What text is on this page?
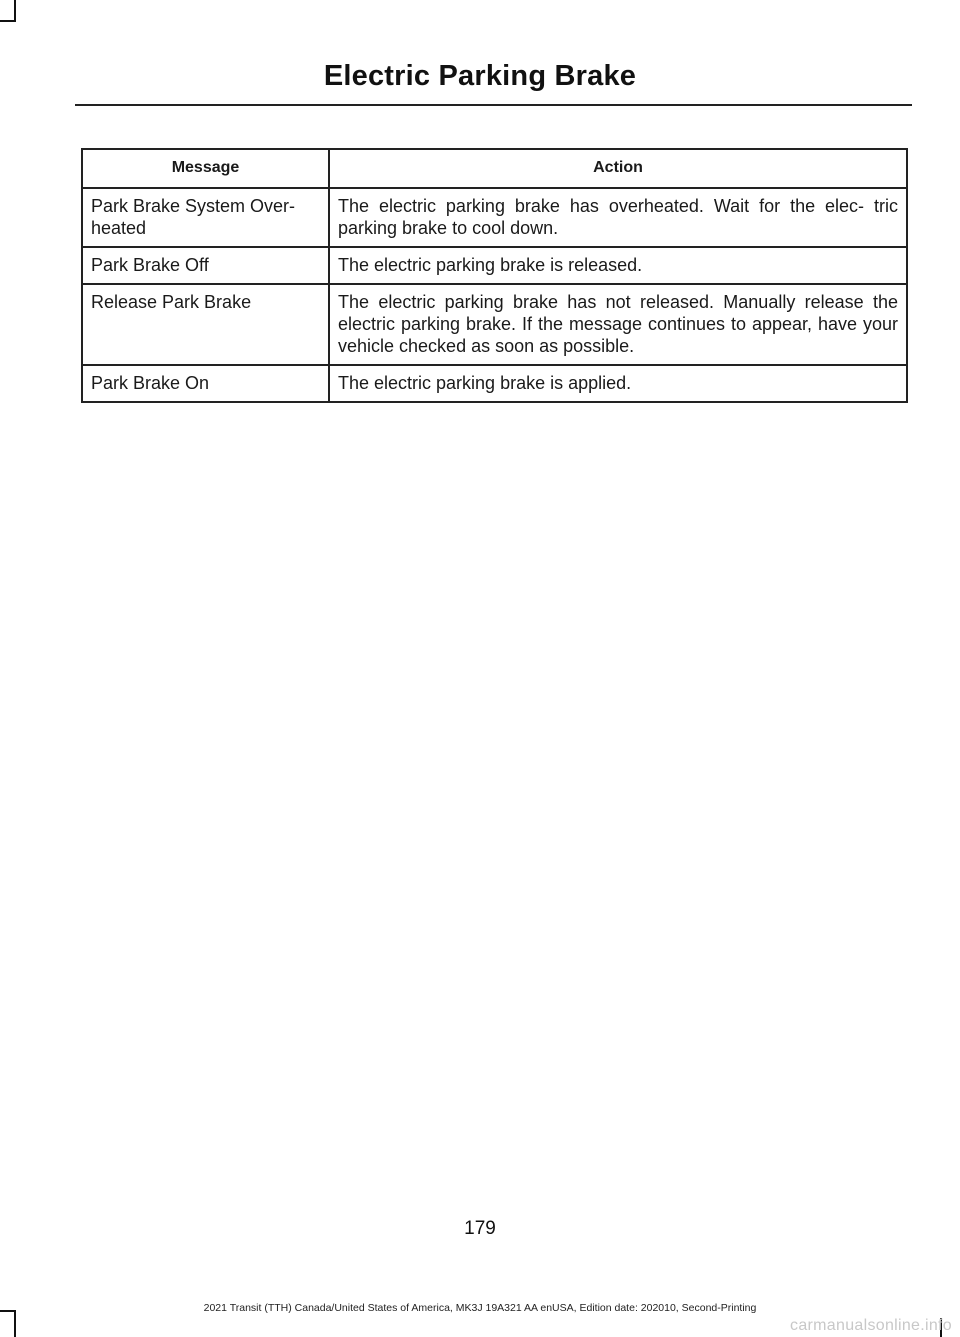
Electric Parking Brake
Message	Action
Park Brake System Over- heated	The electric parking brake has overheated. Wait for the elec- tric parking brake to cool down.
Park Brake Off	The electric parking brake is released.
Release Park Brake	The electric parking brake has not released. Manually release the electric parking brake. If the message continues to appear, have your vehicle checked as soon as possible.
Park Brake On	The electric parking brake is applied.
179
2021 Transit (TTH) Canada/United States of America, MK3J 19A321 AA enUSA, Edition date: 202010, Second-Printing
carmanualsonline.info
